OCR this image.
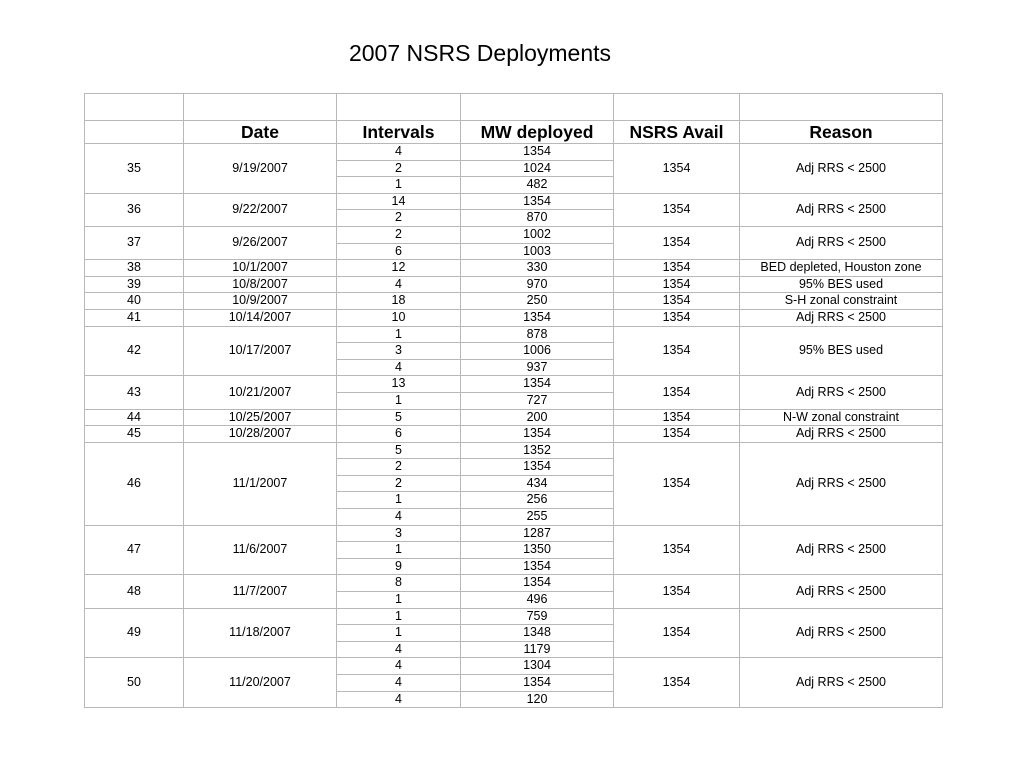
2007 NSRS Deployments

	Date	Intervals	MW deployed	NSRS Avail	Reason
35	9/19/2007	4	1354	1354	Adj RRS < 2500
		2	1024		
		1	482		
36	9/22/2007	14	1354	1354	Adj RRS < 2500
		2	870		
37	9/26/2007	2	1002	1354	Adj RRS < 2500
		6	1003		
38	10/1/2007	12	330	1354	BED depleted, Houston zone
39	10/8/2007	4	970	1354	95% BES used
40	10/9/2007	18	250	1354	S-H zonal constraint
41	10/14/2007	10	1354	1354	Adj RRS < 2500
42	10/17/2007	1	878	1354	95% BES used
		3	1006		
		4	937		
43	10/21/2007	13	1354	1354	Adj RRS < 2500
		1	727		
44	10/25/2007	5	200	1354	N-W zonal constraint
45	10/28/2007	6	1354	1354	Adj RRS < 2500
46	11/1/2007	5	1352	1354	Adj RRS < 2500
		2	1354		
		2	434		
		1	256		
		4	255		
47	11/6/2007	3	1287	1354	Adj RRS < 2500
		1	1350		
		9	1354		
48	11/7/2007	8	1354	1354	Adj RRS < 2500
		1	496		
49	11/18/2007	1	759	1354	Adj RRS < 2500
		1	1348		
		4	1179		
50	11/20/2007	4	1304	1354	Adj RRS < 2500
		4	1354		
		4	120		
